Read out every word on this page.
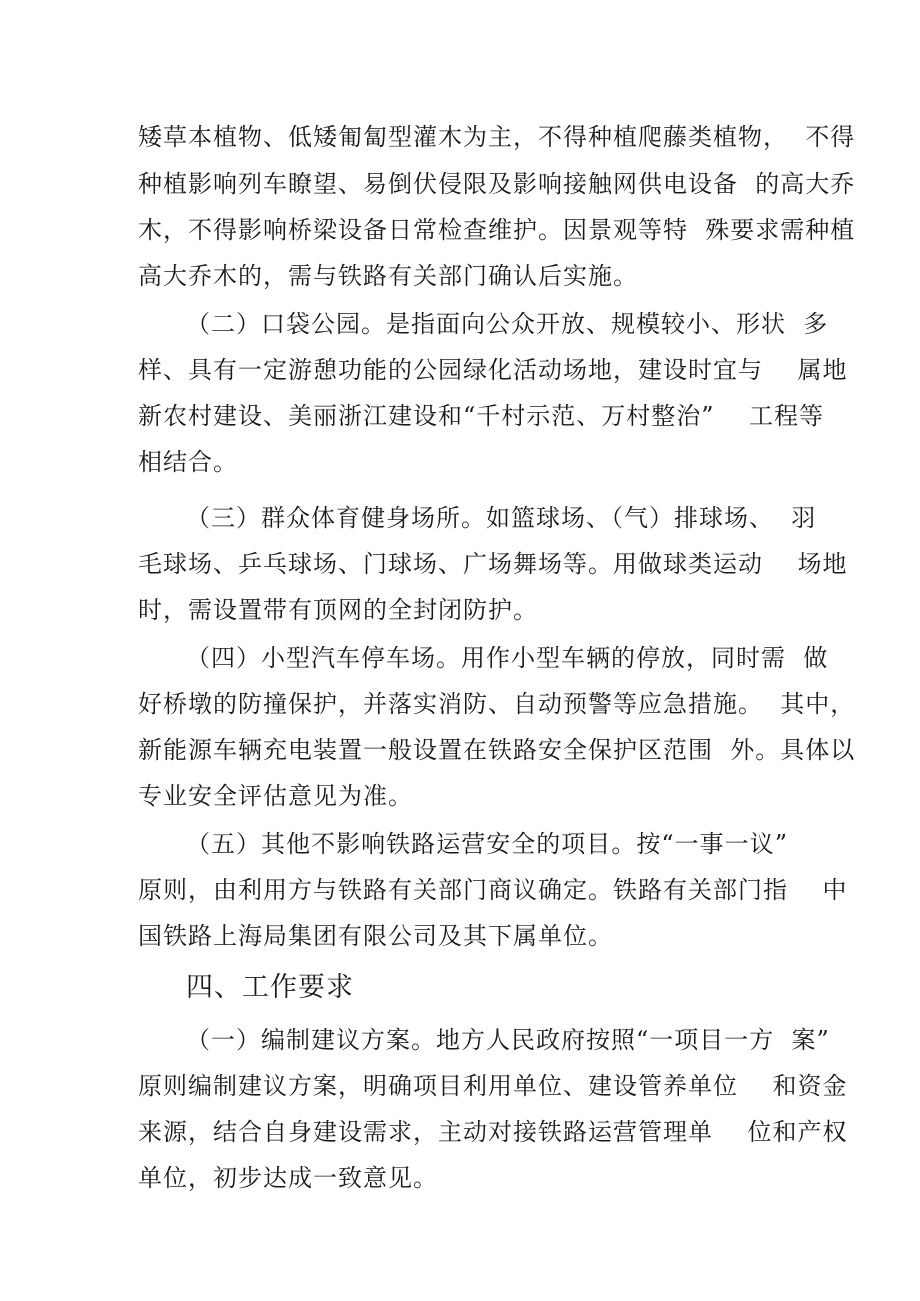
矮草本植物、低矮匍匐型灌木为主，不得种植爬藤类植物，  不得
种植影响列车瞭望、易倒伏侵限及影响接触网供电设备  的高大乔
木，不得影响桥梁设备日常检查维护。因景观等特  殊要求需种植
高大乔木的，需与铁路有关部门确认后实施。
（二）口袋公园。是指面向公众开放、规模较小、形状  多
样、具有一定游憩功能的公园绿化活动场地，建设时宜与    属地
新农村建设、美丽浙江建设和“千村示范、万村整治”    工程等
相结合。
（三）群众体育健身场所。如篮球场、（气）排球场、  羽
毛球场、乒乓球场、门球场、广场舞场等。用做球类运动    场地
时，需设置带有顶网的全封闭防护。
（四）小型汽车停车场。用作小型车辆的停放，同时需  做
好桥墩的防撞保护，并落实消防、自动预警等应急措施。  其中，
新能源车辆充电装置一般设置在铁路安全保护区范围  外。具体以
专业安全评估意见为准。
（五）其他不影响铁路运营安全的项目。按“一事一议”
原则，由利用方与铁路有关部门商议确定。铁路有关部门指    中
国铁路上海局集团有限公司及其下属单位。
四、工作要求
（一）编制建议方案。地方人民政府按照“一项目一方  案”
原则编制建议方案，明确项目利用单位、建设管养单位    和资金
来源，结合自身建设需求，主动对接铁路运营管理单    位和产权
单位，初步达成一致意见。
